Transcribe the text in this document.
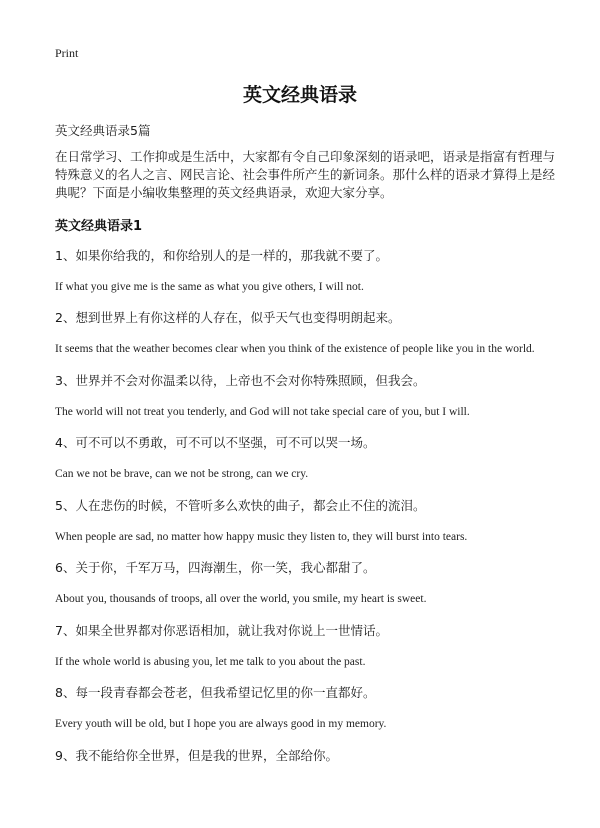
Print
英文经典语录
英文经典语录5篇

在日常学习、工作抑或是生活中，大家都有令自己印象深刻的语录吧，语录是指富有哲理与特殊意义的名人之言、网民言论、社会事件所产生的新词条。那什么样的语录才算得上是经典呢？下面是小编收集整理的英文经典语录，欢迎大家分享。

英文经典语录1

1、如果你给我的，和你给别人的是一样的，那我就不要了。

If what you give me is the same as what you give others, I will not.

2、想到世界上有你这样的人存在，似乎天气也变得明朗起来。

It seems that the weather becomes clear when you think of the existence of people like you in the world.

3、世界并不会对你温柔以待，上帝也不会对你特殊照顾，但我会。

The world will not treat you tenderly, and God will not take special care of you, but I will.

4、可不可以不勇敢，可不可以不坚强，可不可以哭一场。

Can we not be brave, can we not be strong, can we cry.

5、人在悲伤的时候，不管听多么欢快的曲子，都会止不住的流泪。

When people are sad, no matter how happy music they listen to, they will burst into tears.

6、关于你，千军万马，四海潮生，你一笑，我心都甜了。

About you, thousands of troops, all over the world, you smile, my heart is sweet.

7、如果全世界都对你恶语相加，就让我对你说上一世情话。

If the whole world is abusing you, let me talk to you about the past.

8、每一段青春都会苍老，但我希望记忆里的你一直都好。

Every youth will be old, but I hope you are always good in my memory.

9、我不能给你全世界，但是我的世界，全部给你。
